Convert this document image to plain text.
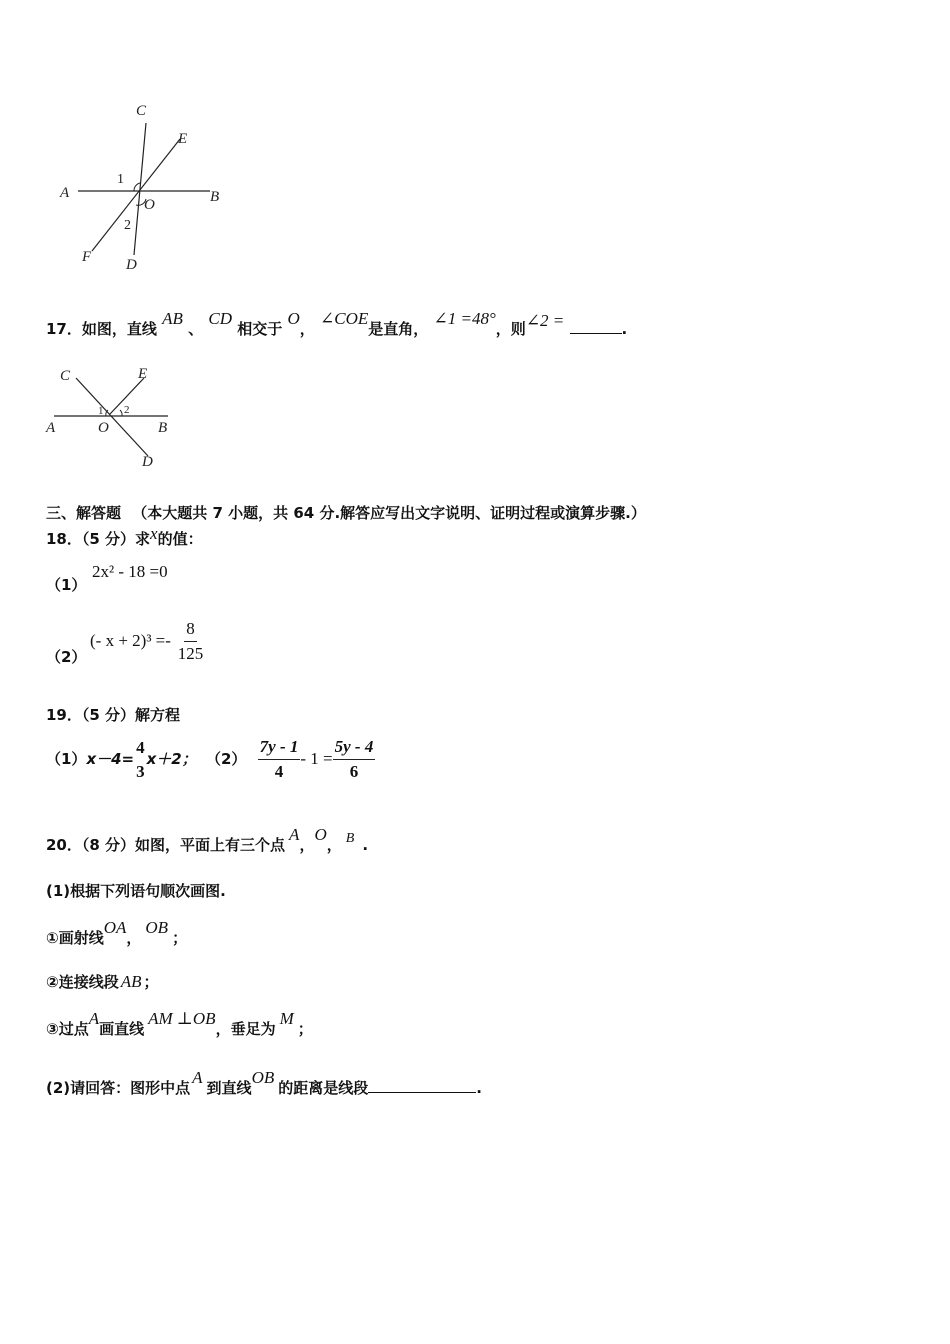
C
E
A	B
O
F D
1
2
17．如图，直线 AB 、 CD 相交于 O， ∠COE是直角， ∠1 =48°，则∠2 =	.
C	E
A	O	B
D
1 2
三、解答题 （本大题共 7 小题，共 64 分.解答应写出文字说明、证明过程或演算步骤.）
18．（5 分）求x的值：
（1）
2x² - 18 =0
（2）
(- $x + 2)^3 =- \frac{8}{125}$
19．（5 分）解方程
（1）x－4=
4
3
x＋2； $(2) \frac{7y - 1}{4} - 1 = \frac{5y - 4}{6}$
20．（8 分）如图，平面上有三个点A，O， B .
(1)根据下列语句顺次画图.
①画射线OA，OB；
②连接线段 AB ；
③过点A画直线AM ⊥OB，垂足为M；
(2)请回答：图形中点A到直线OB的距离是线段	.
